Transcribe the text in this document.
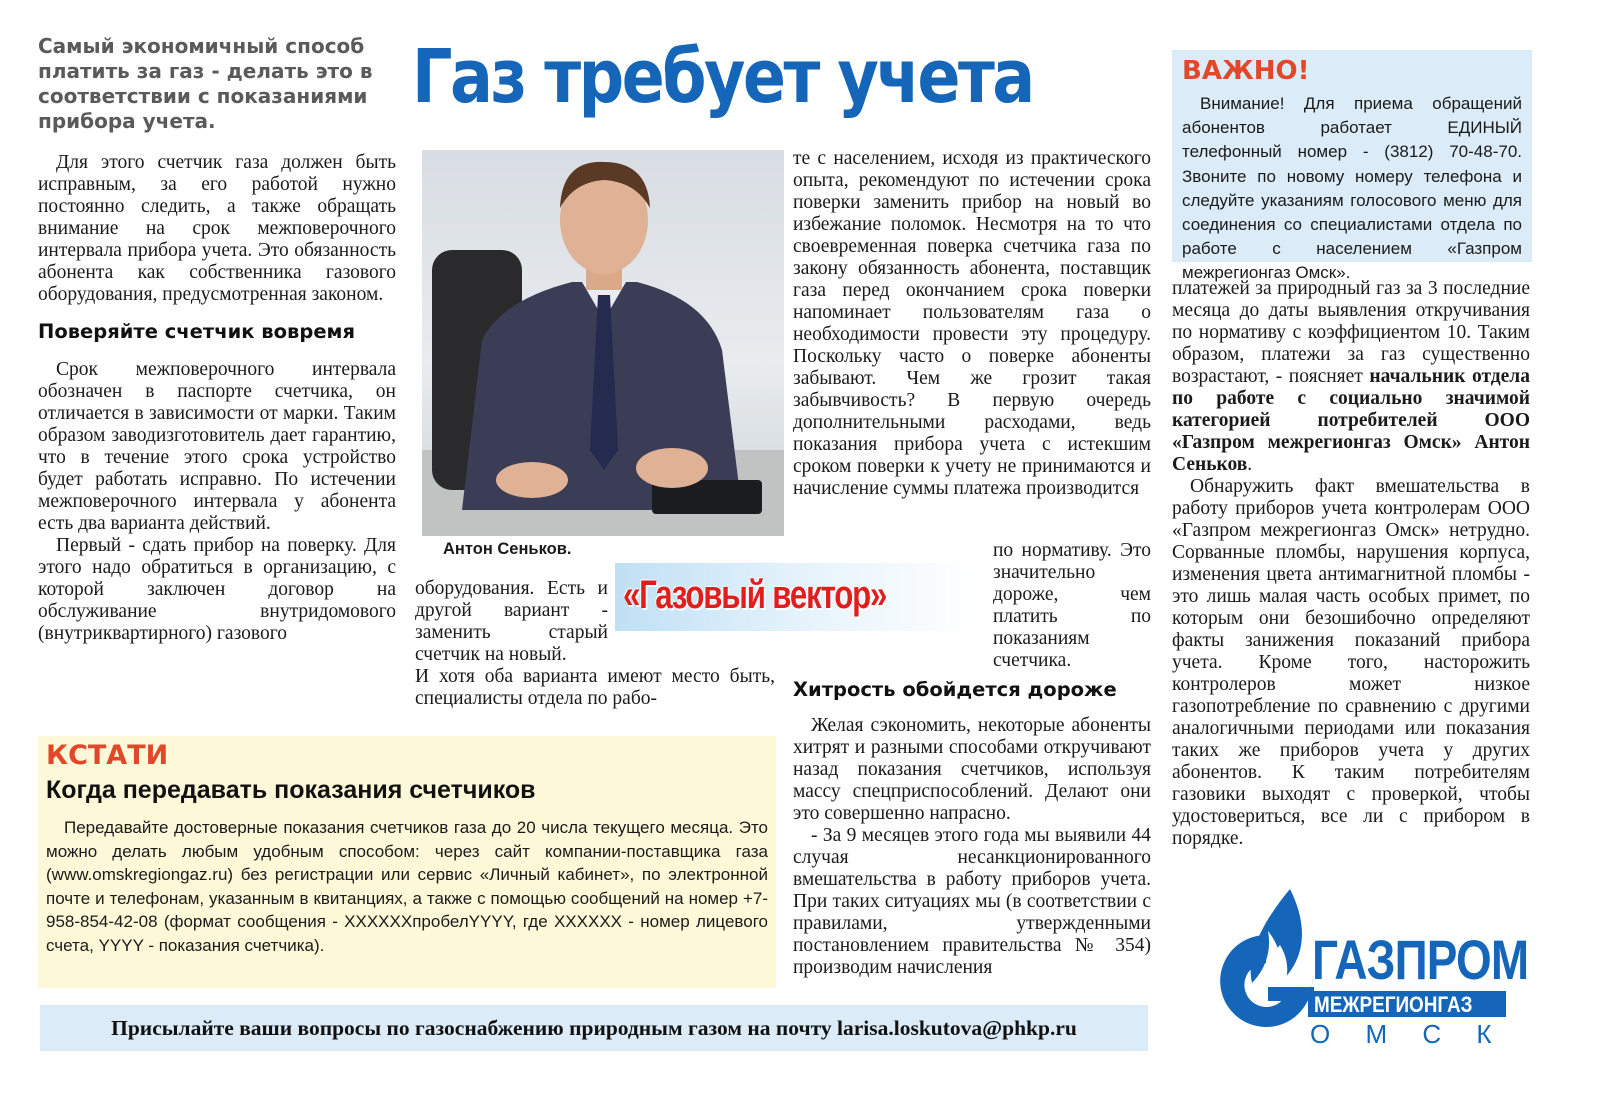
Самый экономичный способ платить за газ - делать это в соответствии с показаниями прибора учета.
Газ требует учета

Для этого счетчик газа должен быть исправным, за его работой нужно постоянно следить, а также обращать внимание на срок межповерочного интервала прибора учета. Это обязанность абонента как собственника газового оборудования, предусмотренная законом.

Поверяйте счетчик вовремя

Срок межповерочного интервала обозначен в паспорте счетчика, он отличается в зависимости от марки. Таким образом заводизготовитель дает гарантию, что в течение этого срока устройство будет работать исправно. По истечении межповерочного интервала у абонента есть два варианта действий.

Первый - сдать прибор на поверку. Для этого надо обратиться в организацию, с которой заключен договор на обслуживание внутридомового (внутриквартирного) газового

Антон Сеньков.
«Газовый вектор»

оборудования. Есть и другой вариант - заменить старый счетчик на новый.

И хотя оба варианта имеют место быть, специалисты отдела по рабо-

те с населением, исходя из практического опыта, рекомендуют по истечении срока поверки заменить прибор на новый во избежание поломок. Несмотря на то что своевременная поверка счетчика газа по закону обязанность абонента, поставщик газа перед окончанием срока поверки напоминает пользователям газа о необходимости провести эту процедуру. Поскольку часто о поверке абоненты забывают. Чем же грозит такая забывчивость? В первую очередь дополнительными расходами, ведь показания прибора учета с истекшим сроком поверки к учету не принимаются и начисление суммы платежа производится

по нормативу. Это значительно дороже, чем платить по показаниям счетчика.

Хитрость обойдется дороже

Желая сэкономить, некоторые абоненты хитрят и разными способами откручивают назад показания счетчиков, используя массу спецприспособлений. Делают они это совершенно напрасно.

- За 9 месяцев этого года мы выявили 44 случая несанкционированного вмешательства в работу приборов учета. При таких ситуациях мы (в соответствии с правилами, утвержденными постановлением правительства № 354) производим начисления

ВАЖНО!

Внимание! Для приема обращений абонентов работает ЕДИНЫЙ телефонный номер - (3812) 70-48-70. Звоните по новому номеру телефона и следуйте указаниям голосового меню для соединения со специалистами отдела по работе с населением «Газпром межрегионгаз Омск».

платежей за природный газ за 3 последние месяца до даты выявления откручивания по нормативу с коэффициентом 10. Таким образом, платежи за газ существенно возрастают, - поясняет начальник отдела по работе с социально значимой категорией потребителей ООО «Газпром межрегионгаз Омск» Антон Сеньков.

Обнаружить факт вмешательства в работу приборов учета контролерам ООО «Газпром межрегионгаз Омск» нетрудно. Сорванные пломбы, нарушения корпуса, изменения цвета антимагнитной пломбы - это лишь малая часть особых примет, по которым они безошибочно определяют факты занижения показаний прибора учета. Кроме того, насторожить контролеров может низкое газопотребление по сравнению с другими аналогичными периодами или показания таких же приборов учета у других абонентов. К таким потребителям газовики выходят с проверкой, чтобы удостовериться, все ли с прибором в порядке.

КСТАТИ
Когда передавать показания счетчиков

Передавайте достоверные показания счетчиков газа до 20 числа текущего месяца. Это можно делать любым удобным способом: через сайт компании-поставщика газа (www.omskregiongaz.ru) без регистрации или сервис «Личный кабинет», по электронной почте и телефонам, указанным в квитанциях, а также с помощью сообщений на номер +7-958-854-42-08 (формат сообщения - ХХХХХХпробелYYYY, где ХХХХХХ - номер лицевого счета, YYYY - показания счетчика).

Присылайте ваши вопросы по газоснабжению природным газом на почту larisa.loskutova@phkp.ru
ГАЗПРОМ
МЕЖРЕГИОНГАЗ
О М С К
